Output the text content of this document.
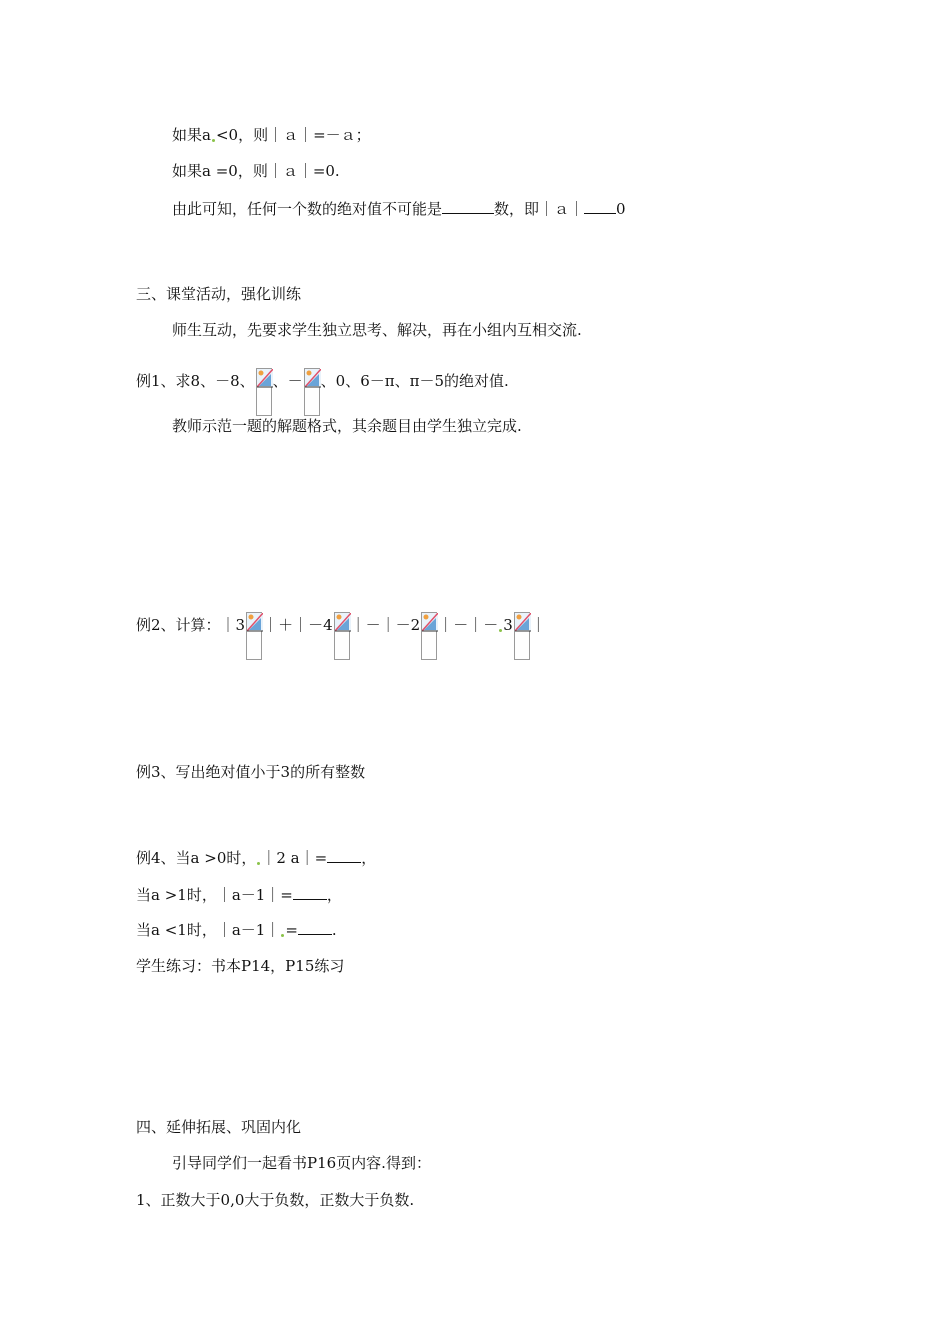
如果a <0，则｜ａ｜=－ａ；
如果a =0，则｜ａ｜=0.
由此可知，任何一个数的绝对值不可能是	数，即｜ａ｜ 0
三、课堂活动，强化训练
师生互动，先要求学生独立思考、解决，再在小组内互相交流.
例1、求8、－8、 、－ 、0、6－π、π－5的绝对值.
教师示范一题的解题格式，其余题目由学生独立完成.
例2、计算：｜3 ｜＋｜－4 ｜－｜－2 ｜－｜－ 3 ｜
例3、写出绝对值小于3的所有整数
例4、当a >0时， ｜2 a｜= ，
当a >1时，｜a－1｜= ，
当a <1时，｜a－1｜ = .
学生练习：书本P14，P15练习
四、延伸拓展、巩固内化
引导同学们一起看书P16页内容.得到：
1、正数大于0,0大于负数，正数大于负数.
